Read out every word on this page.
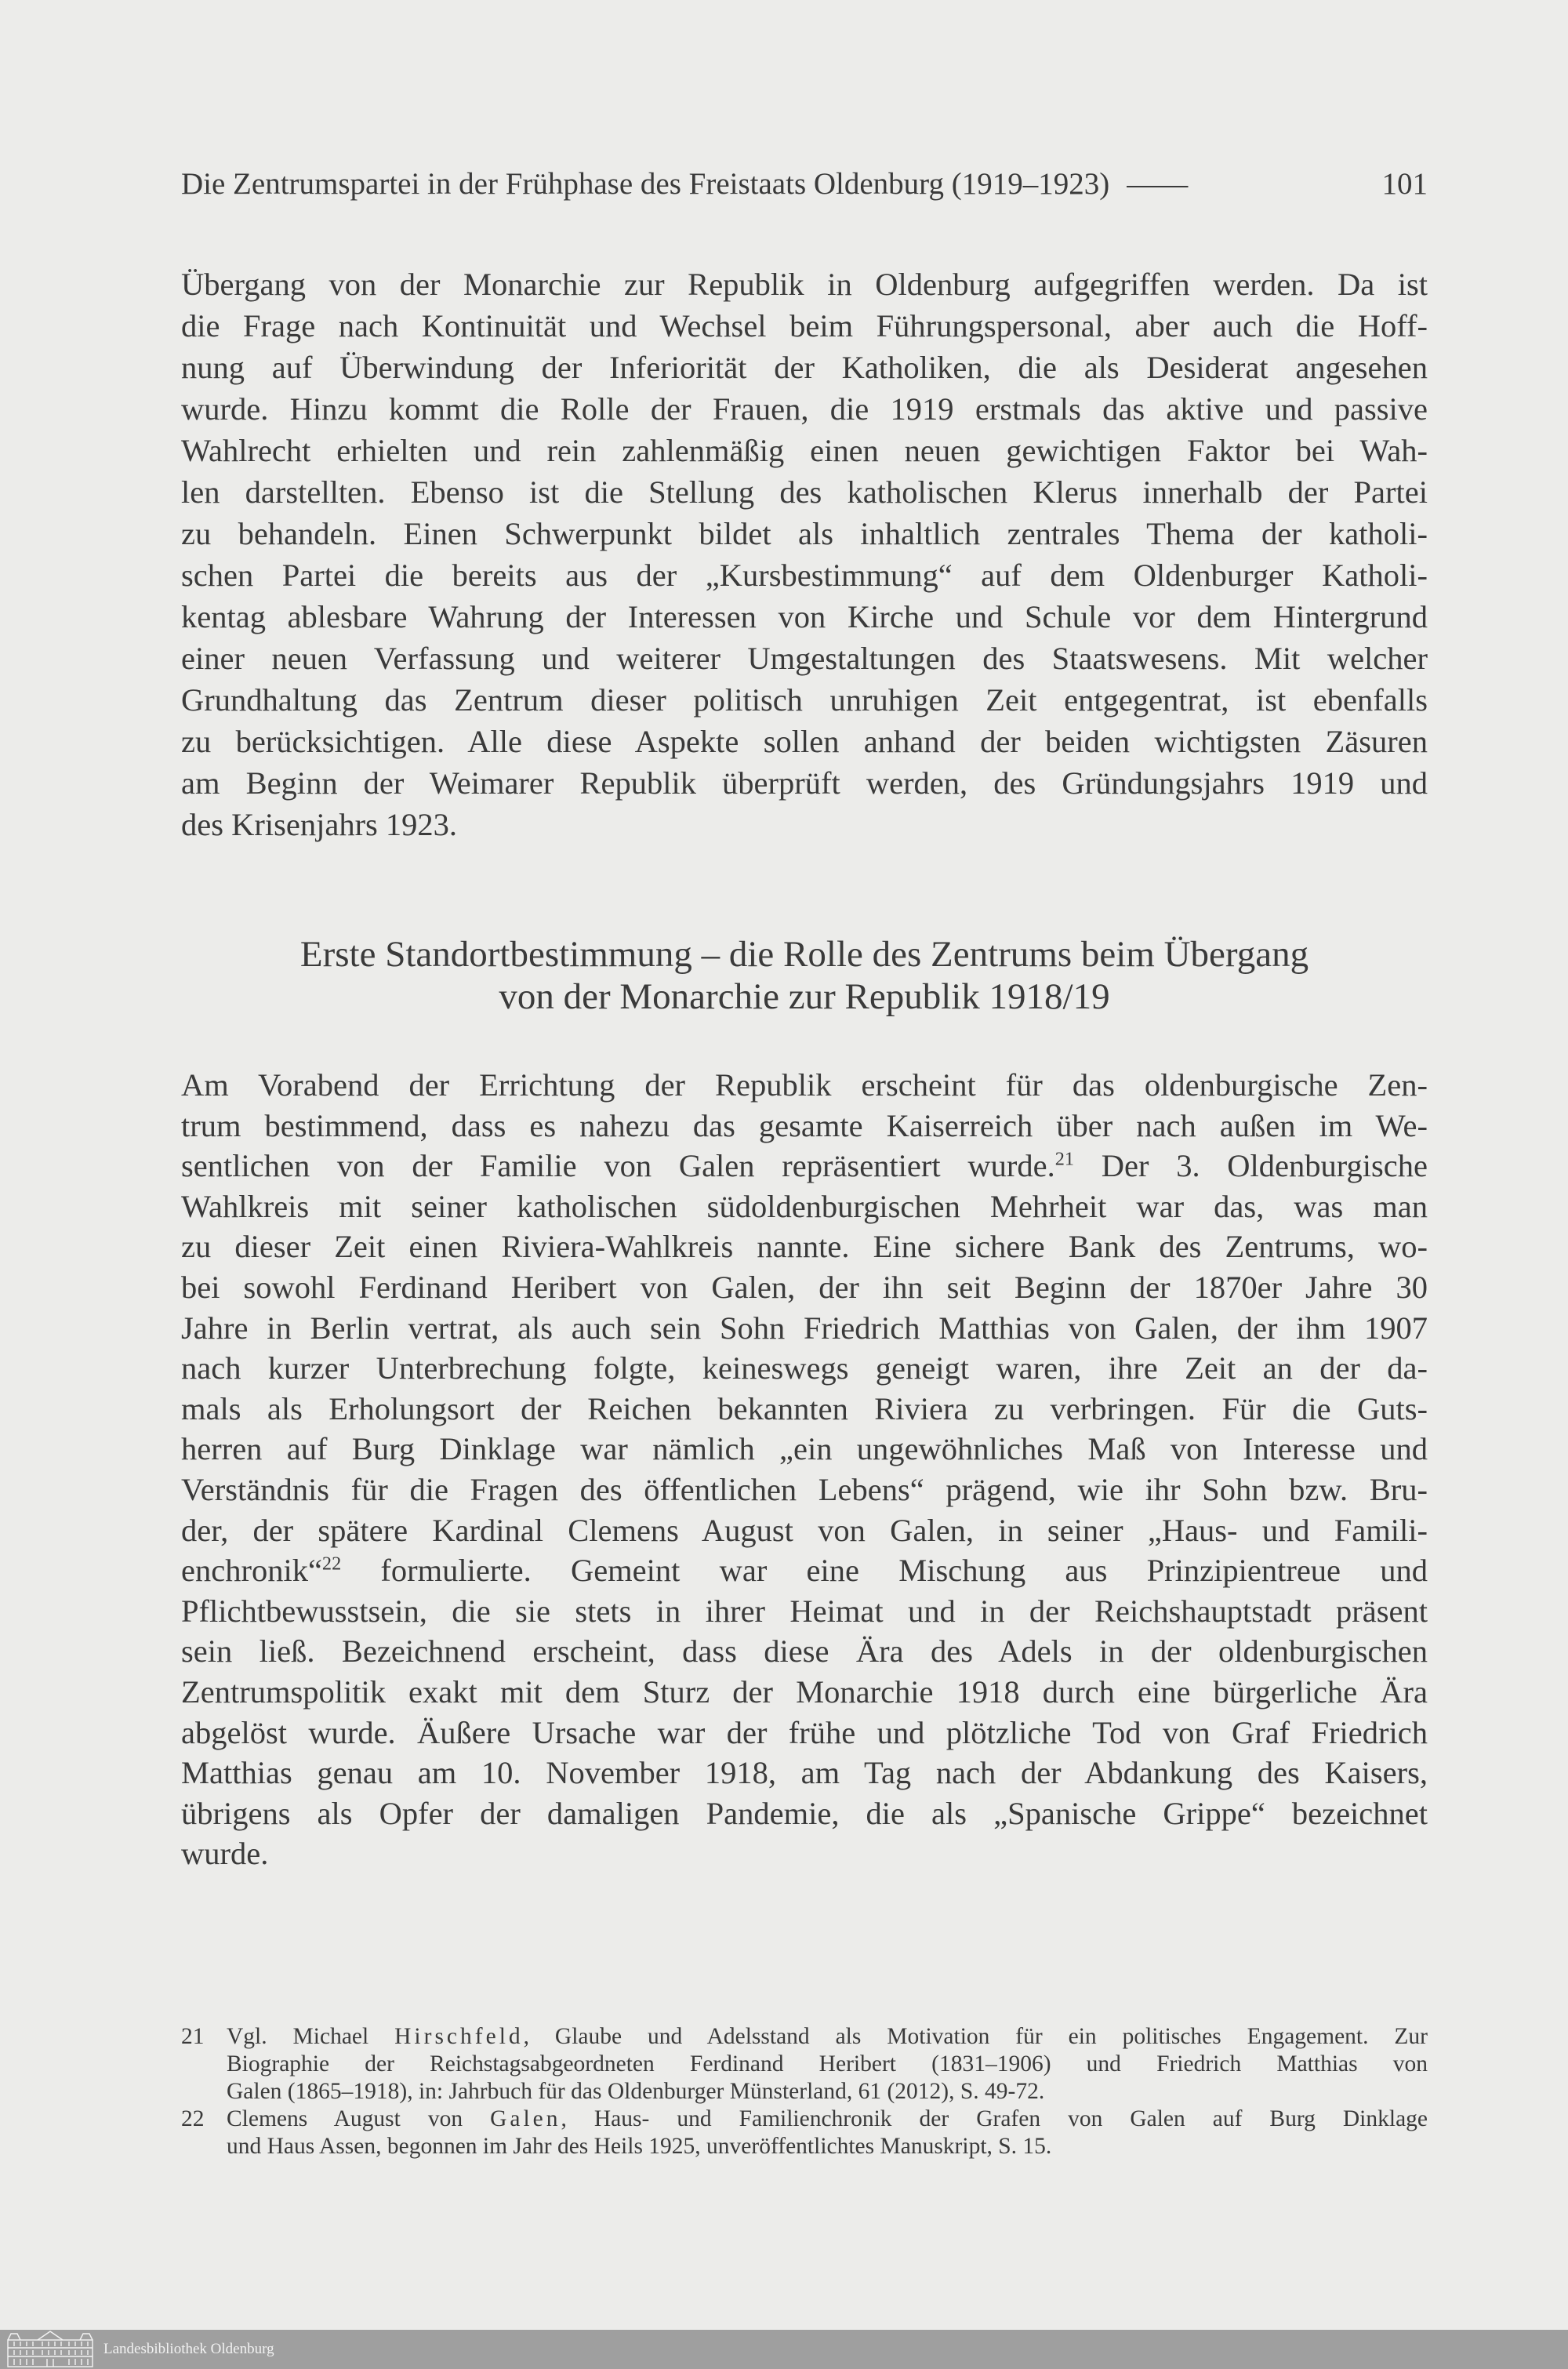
Die Zentrumspartei in der Frühphase des Freistaats Oldenburg (1919–1923) ——	101
Übergang von der Monarchie zur Republik in Oldenburg aufgegriffen werden. Da ist
die Frage nach Kontinuität und Wechsel beim Führungspersonal, aber auch die Hoff-
nung auf Überwindung der Inferiorität der Katholiken, die als Desiderat angesehen
wurde. Hinzu kommt die Rolle der Frauen, die 1919 erstmals das aktive und passive
Wahlrecht erhielten und rein zahlenmäßig einen neuen gewichtigen Faktor bei Wah-
len darstellten. Ebenso ist die Stellung des katholischen Klerus innerhalb der Partei
zu behandeln. Einen Schwerpunkt bildet als inhaltlich zentrales Thema der katholi-
schen Partei die bereits aus der „Kursbestimmung“ auf dem Oldenburger Katholi-
kentag ablesbare Wahrung der Interessen von Kirche und Schule vor dem Hintergrund
einer neuen Verfassung und weiterer Umgestaltungen des Staatswesens. Mit welcher
Grundhaltung das Zentrum dieser politisch unruhigen Zeit entgegentrat, ist ebenfalls
zu berücksichtigen. Alle diese Aspekte sollen anhand der beiden wichtigsten Zäsuren
am Beginn der Weimarer Republik überprüft werden, des Gründungsjahrs 1919 und
des Krisenjahrs 1923.
Erste Standortbestimmung – die Rolle des Zentrums beim Übergang
von der Monarchie zur Republik 1918/19
Am Vorabend der Errichtung der Republik erscheint für das oldenburgische Zen-
trum bestimmend, dass es nahezu das gesamte Kaiserreich über nach außen im We-
sentlichen von der Familie von Galen repräsentiert wurde.$^{21}$ Der 3. Oldenburgische
Wahlkreis mit seiner katholischen südoldenburgischen Mehrheit war das, was man
zu dieser Zeit einen Riviera-Wahlkreis nannte. Eine sichere Bank des Zentrums, wo-
bei sowohl Ferdinand Heribert von Galen, der ihn seit Beginn der 1870er Jahre 30
Jahre in Berlin vertrat, als auch sein Sohn Friedrich Matthias von Galen, der ihm 1907
nach kurzer Unterbrechung folgte, keineswegs geneigt waren, ihre Zeit an der da-
mals als Erholungsort der Reichen bekannten Riviera zu verbringen. Für die Guts-
herren auf Burg Dinklage war nämlich „ein ungewöhnliches Maß von Interesse und
Verständnis für die Fragen des öffentlichen Lebens“ prägend, wie ihr Sohn bzw. Bru-
der, der spätere Kardinal Clemens August von Galen, in seiner „Haus- und Famili-
enchronik“$^{22}$ formulierte. Gemeint war eine Mischung aus Prinzipientreue und
Pflichtbewusstsein, die sie stets in ihrer Heimat und in der Reichshauptstadt präsent
sein ließ. Bezeichnend erscheint, dass diese Ära des Adels in der oldenburgischen
Zentrumspolitik exakt mit dem Sturz der Monarchie 1918 durch eine bürgerliche Ära
abgelöst wurde. Äußere Ursache war der frühe und plötzliche Tod von Graf Friedrich
Matthias genau am 10. November 1918, am Tag nach der Abdankung des Kaisers,
übrigens als Opfer der damaligen Pandemie, die als „Spanische Grippe“ bezeichnet
wurde.
21 Vgl. Michael Hirschfeld, Glaube und Adelsstand als Motivation für ein politisches Engagement. Zur
Biographie der Reichstagsabgeordneten Ferdinand Heribert (1831–1906) und Friedrich Matthias von
Galen (1865–1918), in: Jahrbuch für das Oldenburger Münsterland, 61 (2012), S. 49-72.
22 Clemens August von Galen, Haus- und Familienchronik der Grafen von Galen auf Burg Dinklage
und Haus Assen, begonnen im Jahr des Heils 1925, unveröffentlichtes Manuskript, S. 15.
Landesbibliothek Oldenburg
